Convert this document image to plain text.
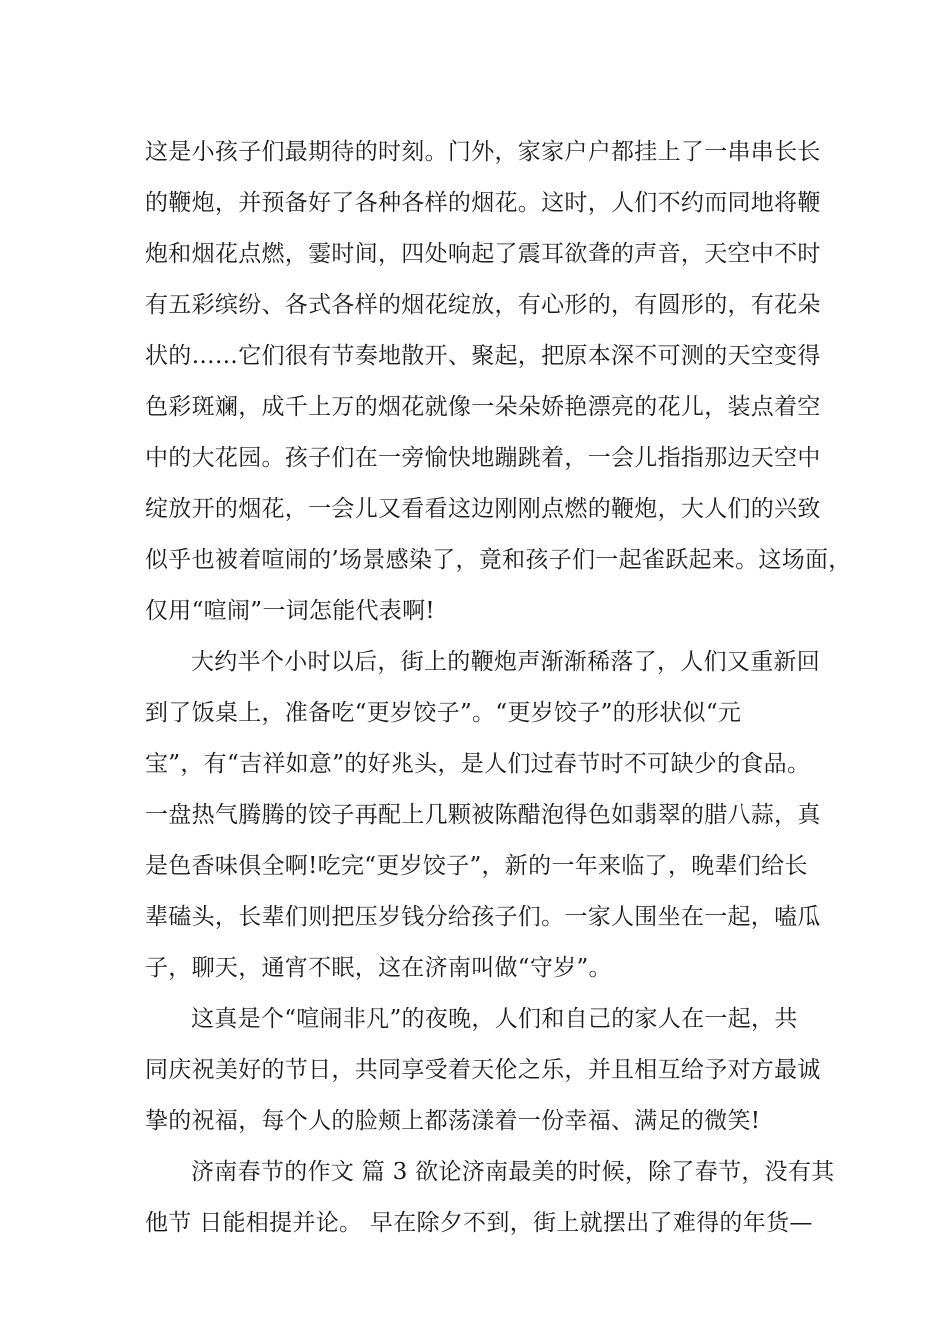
这是小孩子们最期待的时刻。门外，家家户户都挂上了一串串长长
的鞭炮，并预备好了各种各样的烟花。这时，人们不约而同地将鞭
炮和烟花点燃，霎时间，四处响起了震耳欲聋的声音，天空中不时
有五彩缤纷、各式各样的烟花绽放，有心形的，有圆形的，有花朵
状的……它们很有节奏地散开、聚起，把原本深不可测的天空变得
色彩斑斓，成千上万的烟花就像一朵朵娇艳漂亮的花儿，装点着空
中的大花园。孩子们在一旁愉快地蹦跳着，一会儿指指那边天空中
绽放开的烟花，一会儿又看看这边刚刚点燃的鞭炮，大人们的兴致
似乎也被着喧闹的’场景感染了，竟和孩子们一起雀跃起来。这场面，
仅用“喧闹”一词怎能代表啊!
大约半个小时以后，街上的鞭炮声渐渐稀落了，人们又重新回
到了饭桌上，准备吃“更岁饺子”。“更岁饺子”的形状似“元
宝”，有“吉祥如意”的好兆头，是人们过春节时不可缺少的食品。
一盘热气腾腾的饺子再配上几颗被陈醋泡得色如翡翠的腊八蒜，真
是色香味俱全啊!吃完“更岁饺子”，新的一年来临了，晚辈们给长
辈磕头，长辈们则把压岁钱分给孩子们。一家人围坐在一起，嗑瓜
子，聊天，通宵不眠，这在济南叫做“守岁”。
这真是个“喧闹非凡”的夜晚，人们和自己的家人在一起，共
同庆祝美好的节日，共同享受着天伦之乐，并且相互给予对方最诚
挚的祝福，每个人的脸颊上都荡漾着一份幸福、满足的微笑!
济南春节的作文 篇 3 欲论济南最美的时候，除了春节，没有其
他节 日能相提并论。 早在除夕不到，街上就摆出了难得的年货—
